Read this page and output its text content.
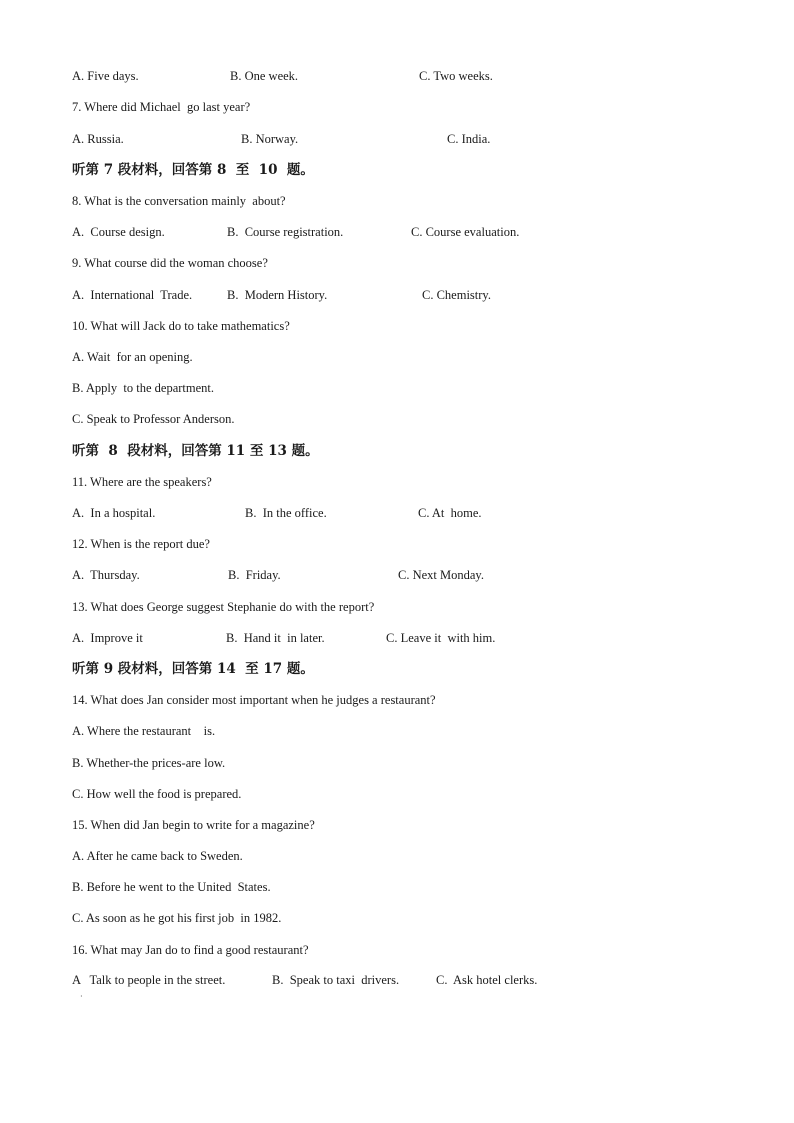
A. Five days.	B. One week.	C. Two weeks.
7. Where did Michael  go last year?
A. Russia.	B. Norway.	C. India.
听第 7 段材料，回答第 8  至  10  题。
8. What is the conversation mainly  about?
A.  Course design.	B.  Course registration.	C. Course evaluation.
9. What course did the woman choose?
A.  International  Trade.	B.  Modern History.	C. Chemistry.
10. What will Jack do to take mathematics?
A. Wait  for an opening.
B. Apply  to the department.
C. Speak to Professor Anderson.
听第  8  段材料，回答第 11 至 13 题。
11. Where are the speakers?
A.  In a hospital.	B.  In the office.	C. At  home.
12. When is the report due?
A.  Thursday.	B.  Friday.	C. Next Monday.
13. What does George suggest Stephanie do with the report?
A.  Improve it	B.  Hand it  in later.	C. Leave it  with him.
听第 9 段材料，回答第 14  至 17 题。
14. What does Jan consider most important when he judges a restaurant?
A. Where the restaurant    is.
B. Whether-the prices-are low.
C. How well the food is prepared.
15. When did Jan begin to write for a magazine?
A. After he came back to Sweden.
B. Before he went to the United  States.
C. As soon as he got his first job  in 1982.
16. What may Jan do to find a good restaurant?
A   Talk to people in the street.	B.  Speak to taxi  drivers.	C.  Ask hotel clerks.
·
